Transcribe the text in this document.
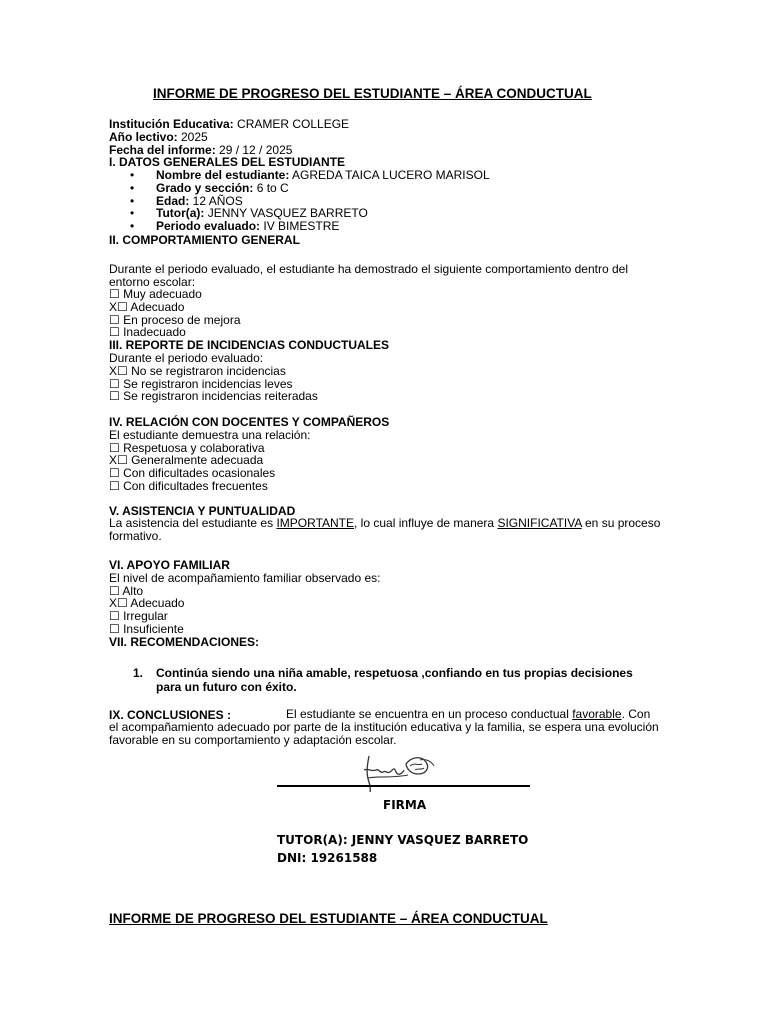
INFORME DE PROGRESO DEL ESTUDIANTE – ÁREA CONDUCTUAL
Institución Educativa: CRAMER COLLEGE
Año lectivo: 2025
Fecha del informe: 29 / 12 / 2025
I. DATOS GENERALES DEL ESTUDIANTE
• Nombre del estudiante: AGREDA TAICA LUCERO MARISOL
• Grado y sección: 6 to C
• Edad: 12 AÑOS
• Tutor(a): JENNY VASQUEZ BARRETO
• Periodo evaluado: IV BIMESTRE
II. COMPORTAMIENTO GENERAL
Durante el periodo evaluado, el estudiante ha demostrado el siguiente comportamiento dentro del entorno escolar:
☐ Muy adecuado
X☐ Adecuado
☐ En proceso de mejora
☐ Inadecuado
III. REPORTE DE INCIDENCIAS CONDUCTUALES
Durante el periodo evaluado:
X☐ No se registraron incidencias
☐ Se registraron incidencias leves
☐ Se registraron incidencias reiteradas
IV. RELACIÓN CON DOCENTES Y COMPAÑEROS
El estudiante demuestra una relación:
☐ Respetuosa y colaborativa
X☐ Generalmente adecuada
☐ Con dificultades ocasionales
☐ Con dificultades frecuentes
V. ASISTENCIA Y PUNTUALIDAD
La asistencia del estudiante es IMPORTANTE, lo cual influye de manera SIGNIFICATIVA en su proceso formativo.
VI. APOYO FAMILIAR
El nivel de acompañamiento familiar observado es:
☐ Alto
X☐ Adecuado
☐ Irregular
☐ Insuficiente
VII. RECOMENDACIONES:
1. Continúa siendo una niña amable, respetuosa ,confiando en tus propias decisiones para un futuro con éxito.
IX. CONCLUSIONES :	El estudiante se encuentra en un proceso conductual favorable. Con el acompañamiento adecuado por parte de la institución educativa y la familia, se espera una evolución favorable en su comportamiento y adaptación escolar.
FIRMA
TUTOR(A): JENNY VASQUEZ BARRETO
DNI: 19261588
INFORME DE PROGRESO DEL ESTUDIANTE – ÁREA CONDUCTUAL
